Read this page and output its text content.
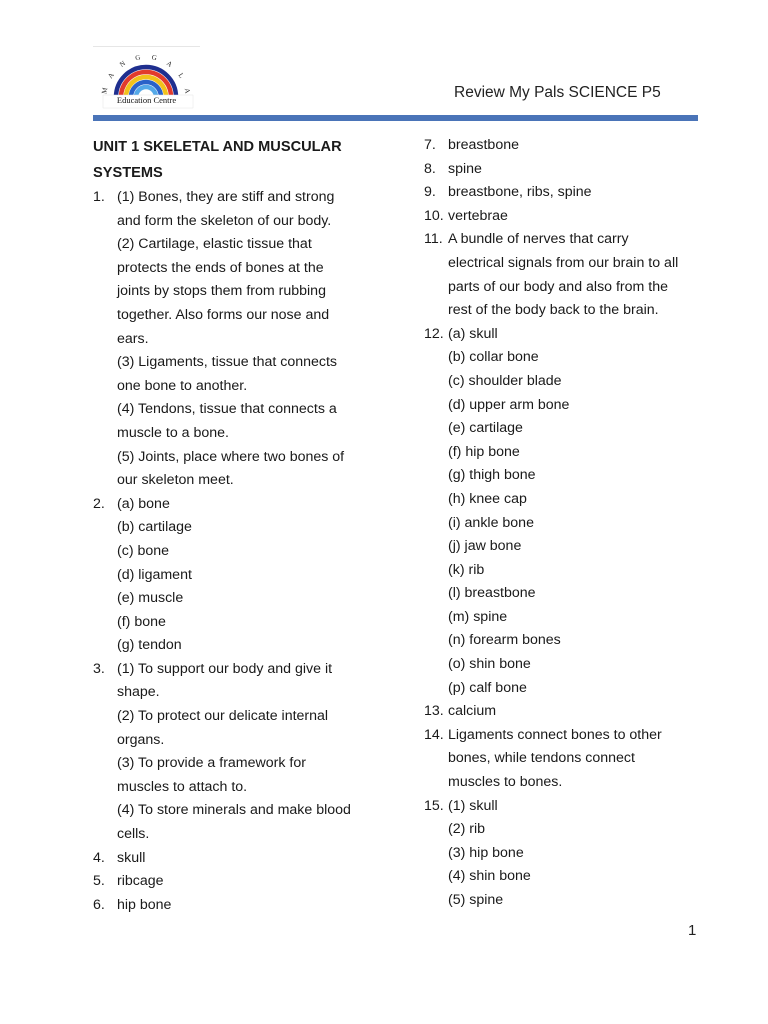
M
A
N
G G
A
L
A
Education Centre	Review My Pals SCIENCE P5
UNIT 1 SKELETAL AND MUSCULAR
SYSTEMS
1. (1) Bones, they are stiff and strong
and form the skeleton of our body.
(2) Cartilage, elastic tissue that
protects the ends of bones at the
joints by stops them from rubbing
together. Also forms our nose and
ears.
(3) Ligaments, tissue that connects
one bone to another.
(4) Tendons, tissue that connects a
muscle to a bone.
(5) Joints, place where two bones of
our skeleton meet.
2. (a) bone
(b) cartilage
(c) bone
(d) ligament
(e) muscle
(f) bone
(g) tendon
3. (1) To support our body and give it
shape.
(2) To protect our delicate internal
organs.
(3) To provide a framework for
muscles to attach to.
(4) To store minerals and make blood
cells.
4. skull
5. ribcage
6. hip bone
7. breastbone
8. spine
9. breastbone, ribs, spine
10. vertebrae
11. A bundle of nerves that carry
electrical signals from our brain to all
parts of our body and also from the
rest of the body back to the brain.
12. (a) skull
(b) collar bone
(c) shoulder blade
(d) upper arm bone
(e) cartilage
(f) hip bone
(g) thigh bone
(h) knee cap
(i) ankle bone
(j) jaw bone
(k) rib
(l) breastbone
(m) spine
(n) forearm bones
(o) shin bone
(p) calf bone
13. calcium
14. Ligaments connect bones to other
bones, while tendons connect
muscles to bones.
15. (1) skull
(2) rib
(3) hip bone
(4) shin bone
(5) spine
1
